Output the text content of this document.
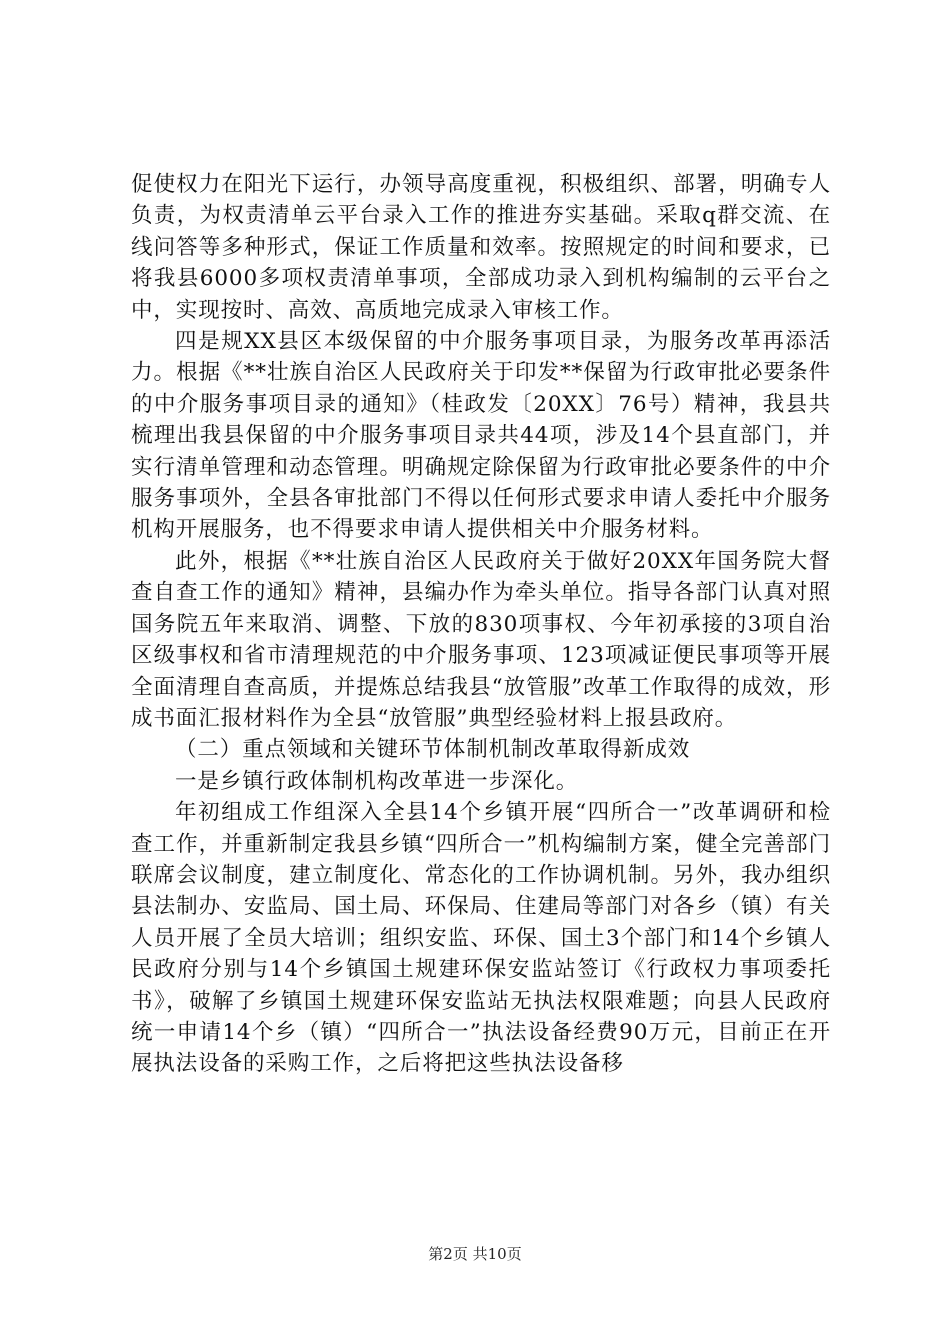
促使权力在阳光下运行，办领导高度重视，积极组织、部署，明确专人负责，为权责清单云平台录入工作的推进夯实基础。采取q群交流、在线问答等多种形式，保证工作质量和效率。按照规定的时间和要求，已将我县6000多项权责清单事项，全部成功录入到机构编制的云平台之中，实现按时、高效、高质地完成录入审核工作。

四是规XX县区本级保留的中介服务事项目录，为服务改革再添活力。根据《**壮族自治区人民政府关于印发**保留为行政审批必要条件的中介服务事项目录的通知》（桂政发〔20XX〕76号）精神，我县共梳理出我县保留的中介服务事项目录共44项，涉及14个县直部门，并实行清单管理和动态管理。明确规定除保留为行政审批必要条件的中介服务事项外，全县各审批部门不得以任何形式要求申请人委托中介服务机构开展服务，也不得要求申请人提供相关中介服务材料。

此外，根据《**壮族自治区人民政府关于做好20XX年国务院大督查自查工作的通知》精神，县编办作为牵头单位。指导各部门认真对照国务院五年来取消、调整、下放的830项事权、今年初承接的3项自治区级事权和省市清理规范的中介服务事项、123项减证便民事项等开展全面清理自查高质，并提炼总结我县“放管服”改革工作取得的成效，形成书面汇报材料作为全县“放管服”典型经验材料上报县政府。

（二）重点领域和关键环节体制机制改革取得新成效

一是乡镇行政体制机构改革进一步深化。

年初组成工作组深入全县14个乡镇开展“四所合一”改革调研和检查工作，并重新制定我县乡镇“四所合一”机构编制方案，健全完善部门联席会议制度，建立制度化、常态化的工作协调机制。另外，我办组织县法制办、安监局、国土局、环保局、住建局等部门对各乡（镇）有关人员开展了全员大培训；组织安监、环保、国土3个部门和14个乡镇人民政府分别与14个乡镇国土规建环保安监站签订《行政权力事项委托书》，破解了乡镇国土规建环保安监站无执法权限难题；向县人民政府统一申请14个乡（镇）“四所合一”执法设备经费90万元，目前正在开展执法设备的采购工作，之后将把这些执法设备移

第2页 共10页
